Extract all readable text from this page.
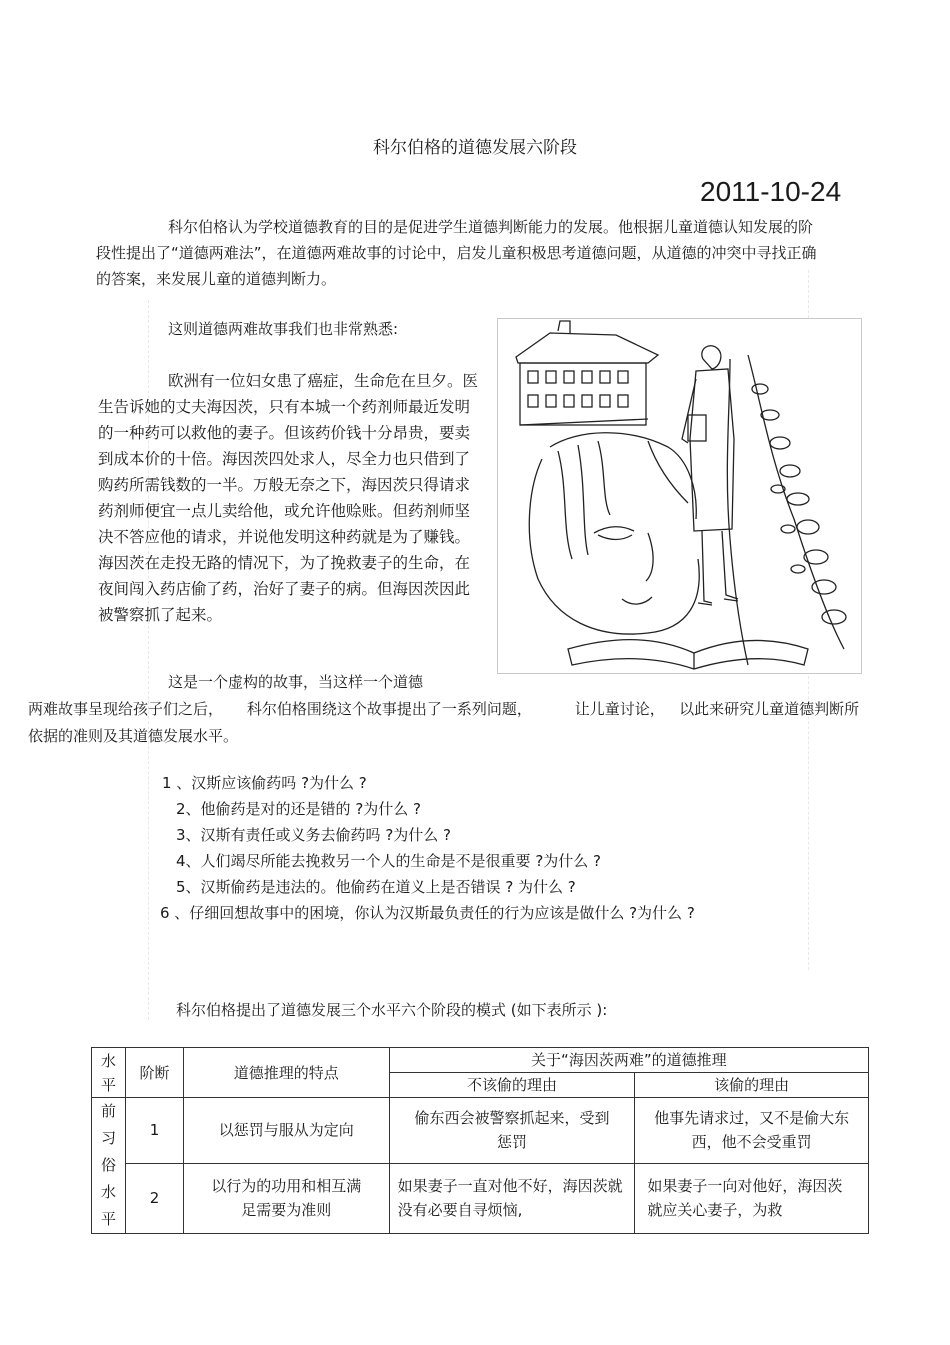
科尔伯格的道德发展六阶段
2011-10-24
科尔伯格认为学校道德教育的目的是促进学生道德判断能力的发展。他根据儿童道德认知发展的阶段性提出了“道德两难法”，在道德两难故事的讨论中，启发儿童积极思考道德问题，从道德的冲突中寻找正确的答案，来发展儿童的道德判断力。
这则道德两难故事我们也非常熟悉:
欧洲有一位妇女患了癌症，生命危在旦夕。医生告诉她的丈夫海因茨，只有本城一个药剂师最近发明的一种药可以救他的妻子。但该药价钱十分昂贵，要卖到成本价的十倍。海因茨四处求人，尽全力也只借到了购药所需钱数的一半。万般无奈之下，海因茨只得请求药剂师便宜一点儿卖给他，或允许他赊账。但药剂师坚决不答应他的请求，并说他发明这种药就是为了赚钱。海因茨在走投无路的情况下，为了挽救妻子的生命，在夜间闯入药店偷了药，治好了妻子的病。但海因茨因此被警察抓了起来。
这是一个虚构的故事，当这样一个道德
两难故事呈现给孩子们之后， 科尔伯格围绕这个故事提出了一系列问题，	让儿童讨论， 以此来研究儿童道德判断所依据的准则及其道德发展水平。
1 、汉斯应该偷药吗 ?为什么 ?
2、他偷药是对的还是错的 ?为什么 ?
3、汉斯有责任或义务去偷药吗 ?为什么 ?
4、人们竭尽所能去挽救另一个人的生命是不是很重要 ?为什么 ?
5、汉斯偷药是违法的。他偷药在道义上是否错误 ? 为什么 ?
6 、仔细回想故事中的困境，你认为汉斯最负责任的行为应该是做什么 ?为什么 ?
科尔伯格提出了道德发展三个水平六个阶段的模式 (如下表所示 ):
水平	阶断	道德推理的特点	关于“海因茨两难”的道德推理	
			不该偷的理由	该偷的理由
前习俗水平	1	以惩罚与服从为定向	偷东西会被警察抓起来，受到惩罚	他事先请求过，又不是偷大东西，他不会受重罚
	2	以行为的功用和相互满足需要为准则	如果妻子一直对他不好，海因茨就没有必要自寻烦恼,	如果妻子一向对他好，海因茨就应关心妻子，为救
